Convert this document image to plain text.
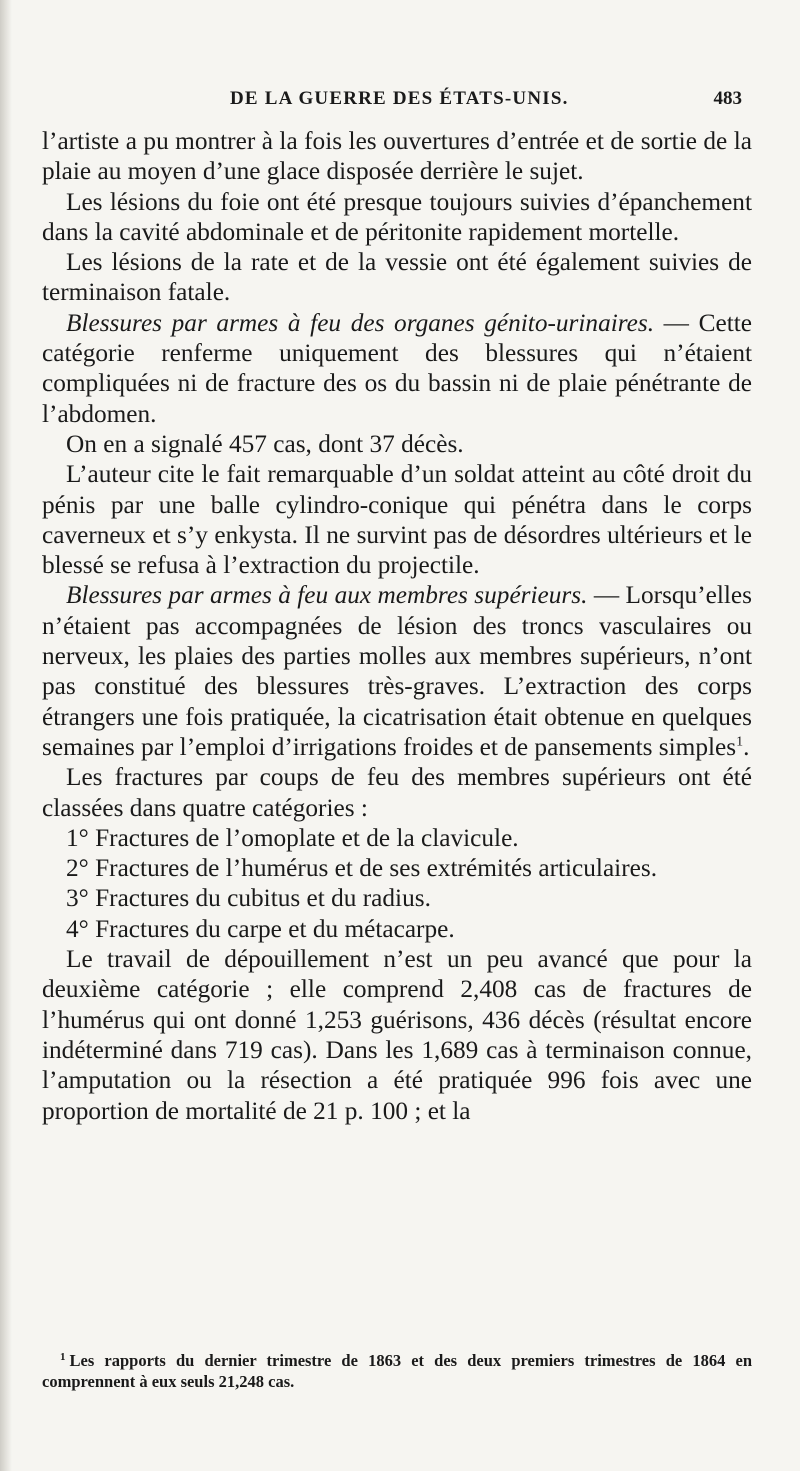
DE LA GUERRE DES ÉTATS-UNIS.	483

l’artiste a pu montrer à la fois les ouvertures d’entrée et de sortie de la plaie au moyen d’une glace disposée derrière le sujet.

Les lésions du foie ont été presque toujours suivies d’épanchement dans la cavité abdominale et de péritonite rapidement mortelle.

Les lésions de la rate et de la vessie ont été également suivies de terminaison fatale.

Blessures par armes à feu des organes génito-urinaires. — Cette catégorie renferme uniquement des blessures qui n’étaient compliquées ni de fracture des os du bassin ni de plaie pénétrante de l’abdomen.

On en a signalé 457 cas, dont 37 décès.

L’auteur cite le fait remarquable d’un soldat atteint au côté droit du pénis par une balle cylindro-conique qui pénétra dans le corps caverneux et s’y enkysta. Il ne survint pas de désordres ultérieurs et le blessé se refusa à l’extraction du projectile.

Blessures par armes à feu aux membres supérieurs. — Lorsqu’elles n’étaient pas accompagnées de lésion des troncs vasculaires ou nerveux, les plaies des parties molles aux membres supérieurs, n’ont pas constitué des blessures très-graves. L’extraction des corps étrangers une fois pratiquée, la cicatrisation était obtenue en quelques semaines par l’emploi d’irrigations froides et de pansements simples$^1$.

Les fractures par coups de feu des membres supérieurs ont été classées dans quatre catégories :

1° Fractures de l’omoplate et de la clavicule.

2° Fractures de l’humérus et de ses extrémités articulaires.

3° Fractures du cubitus et du radius.

4° Fractures du carpe et du métacarpe.

Le travail de dépouillement n’est un peu avancé que pour la deuxième catégorie ; elle comprend 2,408 cas de fractures de l’humérus qui ont donné 1,253 guérisons, 436 décès (résultat encore indéterminé dans 719 cas). Dans les 1,689 cas à terminaison connue, l’amputation ou la résection a été pratiquée 996 fois avec une proportion de mortalité de 21 p. 100 ; et la

$^1$ Les rapports du dernier trimestre de 1863 et des deux premiers trimestres de 1864 en comprennent à eux seuls 21,248 cas.
